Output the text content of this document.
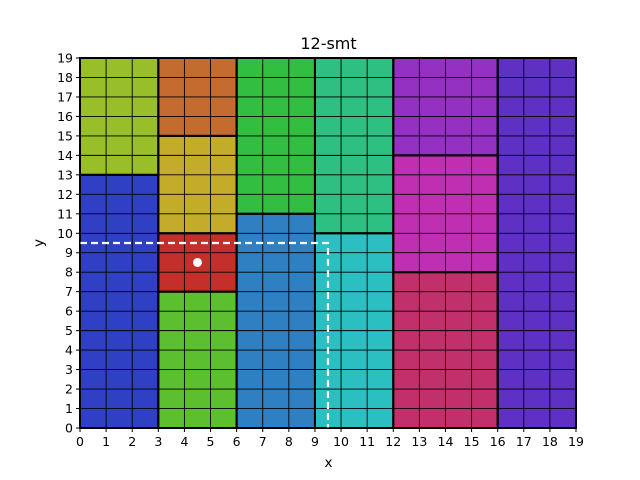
0 1 2 3 4 5 6 7 8 9 10 11 12 13 14 15 16 17 18 19
0
1
2
3
4
5
6
7
8
9
10
11
12
13
14
15
16
17
18
19
12-smt
x
y
